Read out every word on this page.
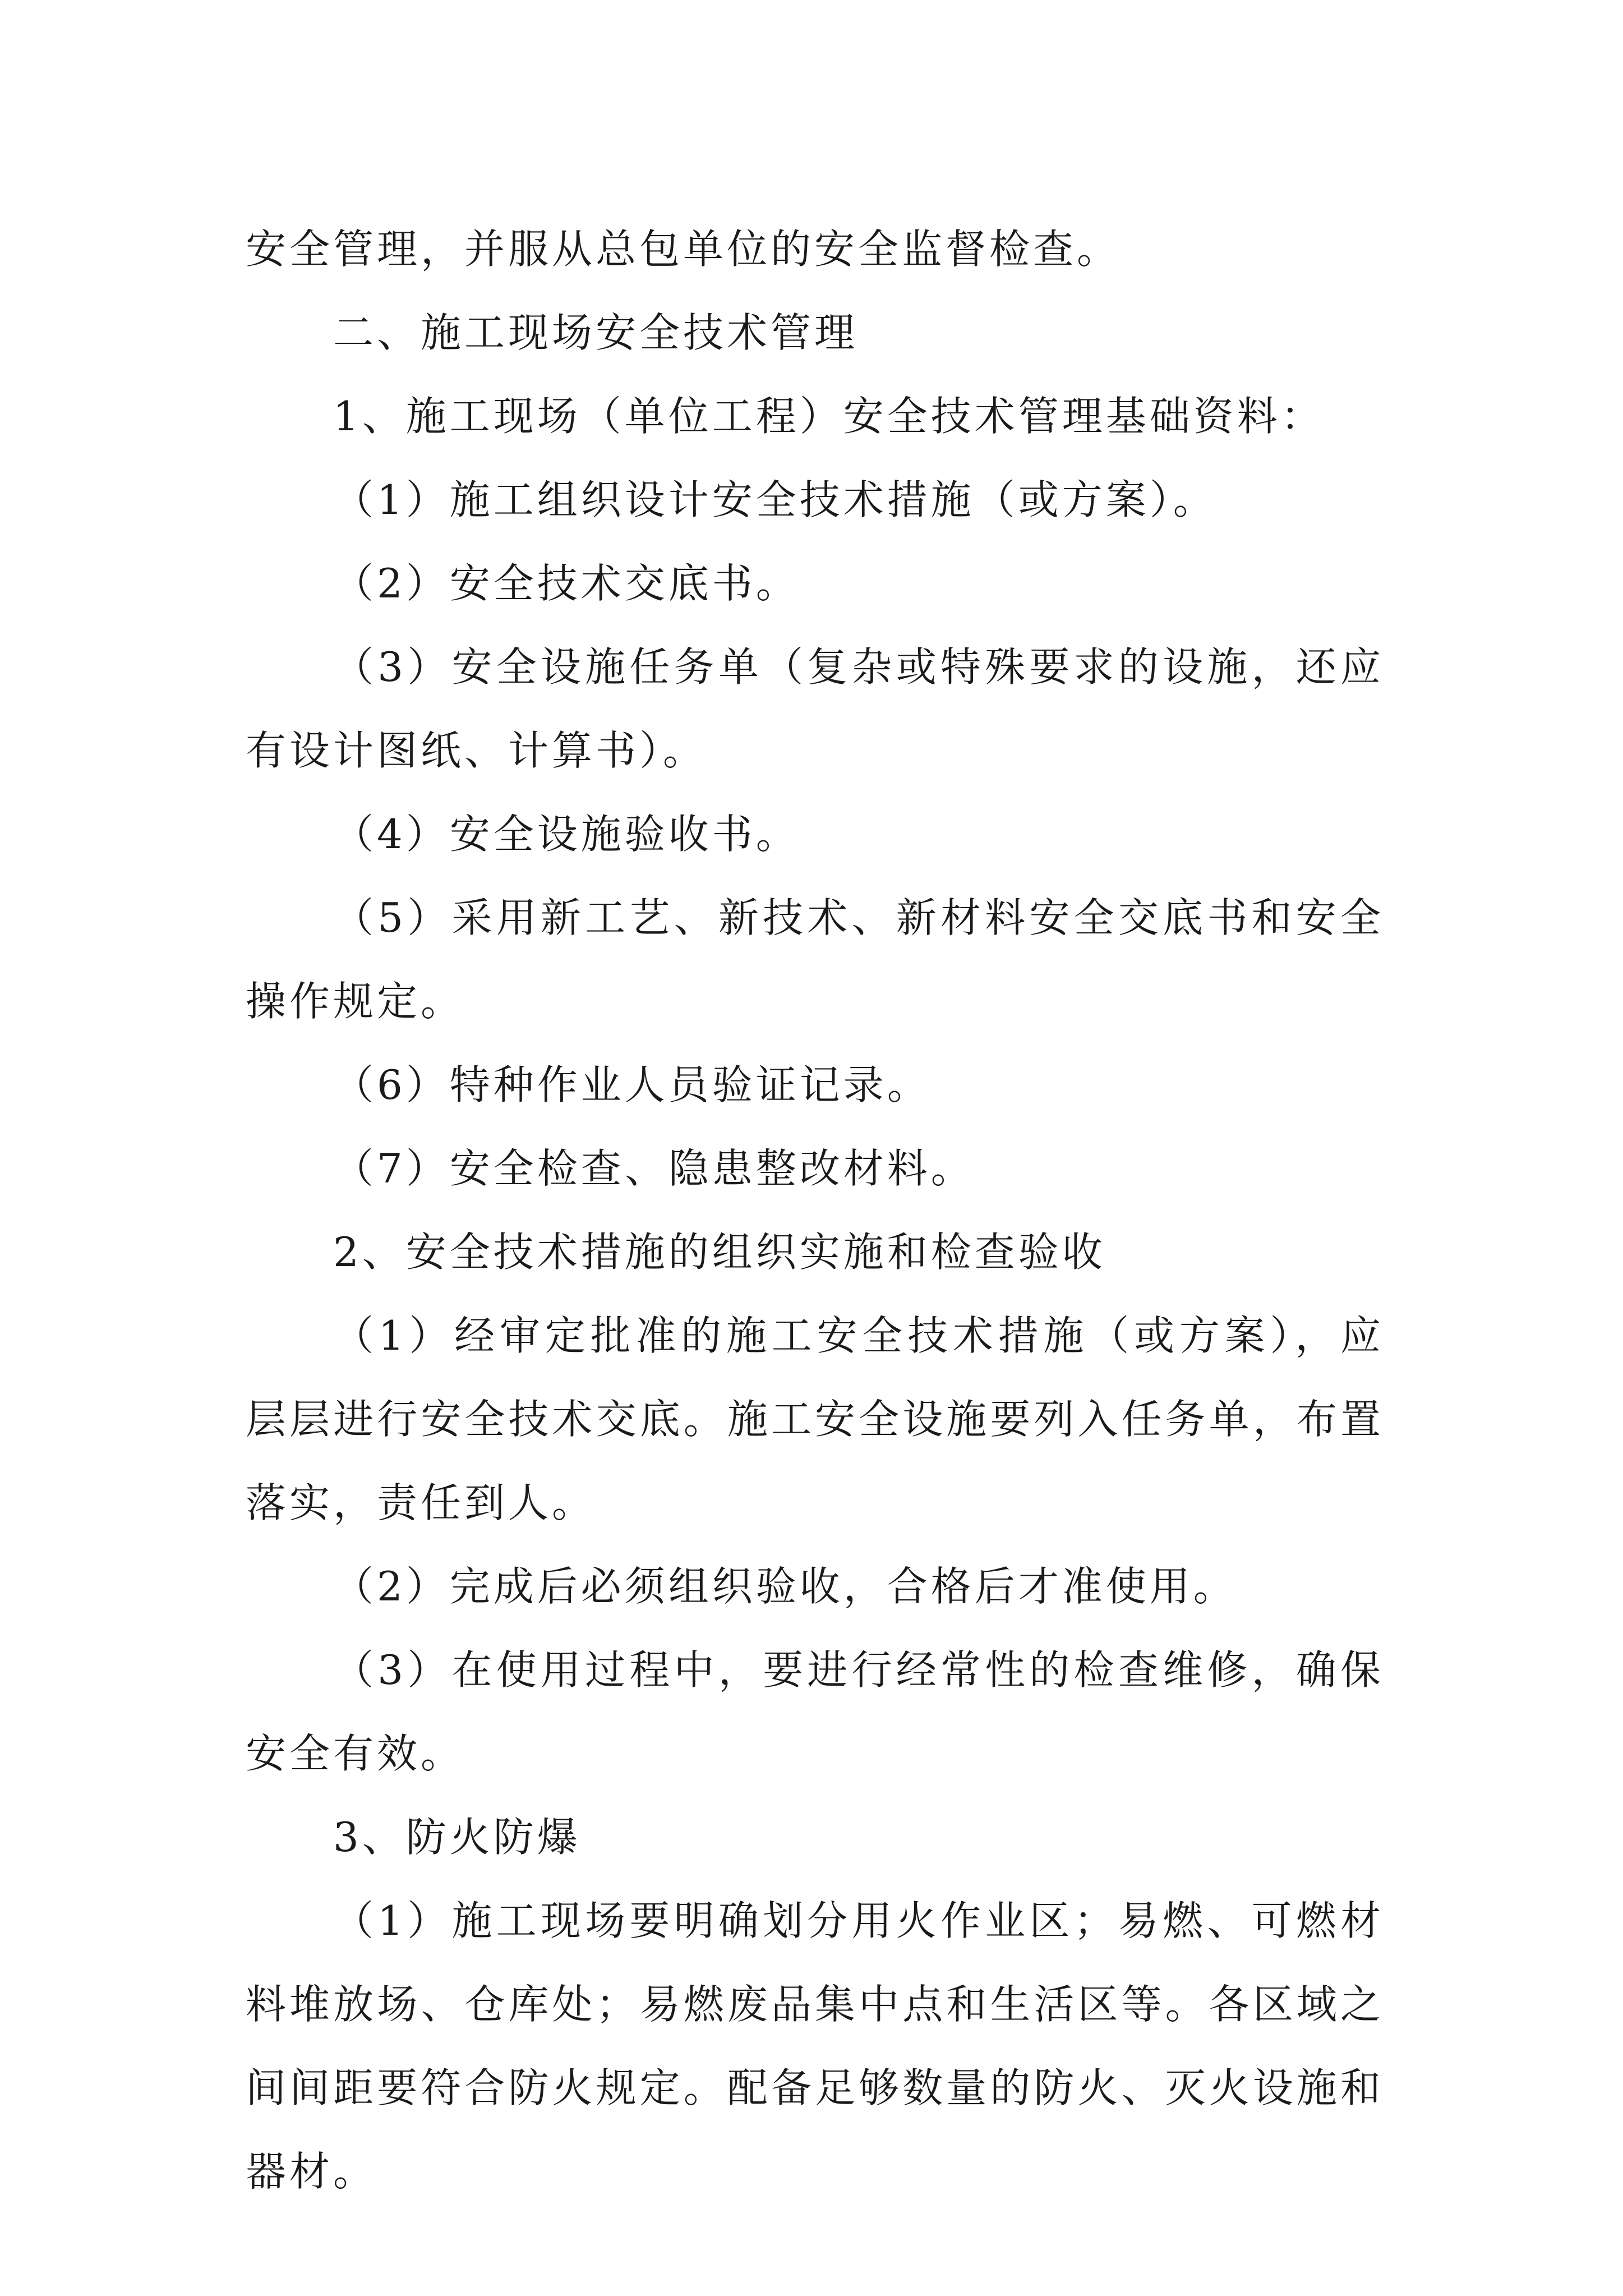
安全管理，并服从总包单位的安全监督检查。

二、施工现场安全技术管理

1、施工现场（单位工程）安全技术管理基础资料：

（1）施工组织设计安全技术措施（或方案）。

（2）安全技术交底书。

（3）安全设施任务单（复杂或特殊要求的设施，还应有设计图纸、计算书）。

（4）安全设施验收书。

（5）采用新工艺、新技术、新材料安全交底书和安全操作规定。

（6）特种作业人员验证记录。

（7）安全检查、隐患整改材料。

2、安全技术措施的组织实施和检查验收

（1）经审定批准的施工安全技术措施（或方案），应层层进行安全技术交底。施工安全设施要列入任务单，布置落实，责任到人。

（2）完成后必须组织验收，合格后才准使用。

（3）在使用过程中，要进行经常性的检查维修，确保安全有效。

3、防火防爆

（1）施工现场要明确划分用火作业区；易燃、可燃材料堆放场、仓库处；易燃废品集中点和生活区等。各区域之间间距要符合防火规定。配备足够数量的防火、灭火设施和器材。
